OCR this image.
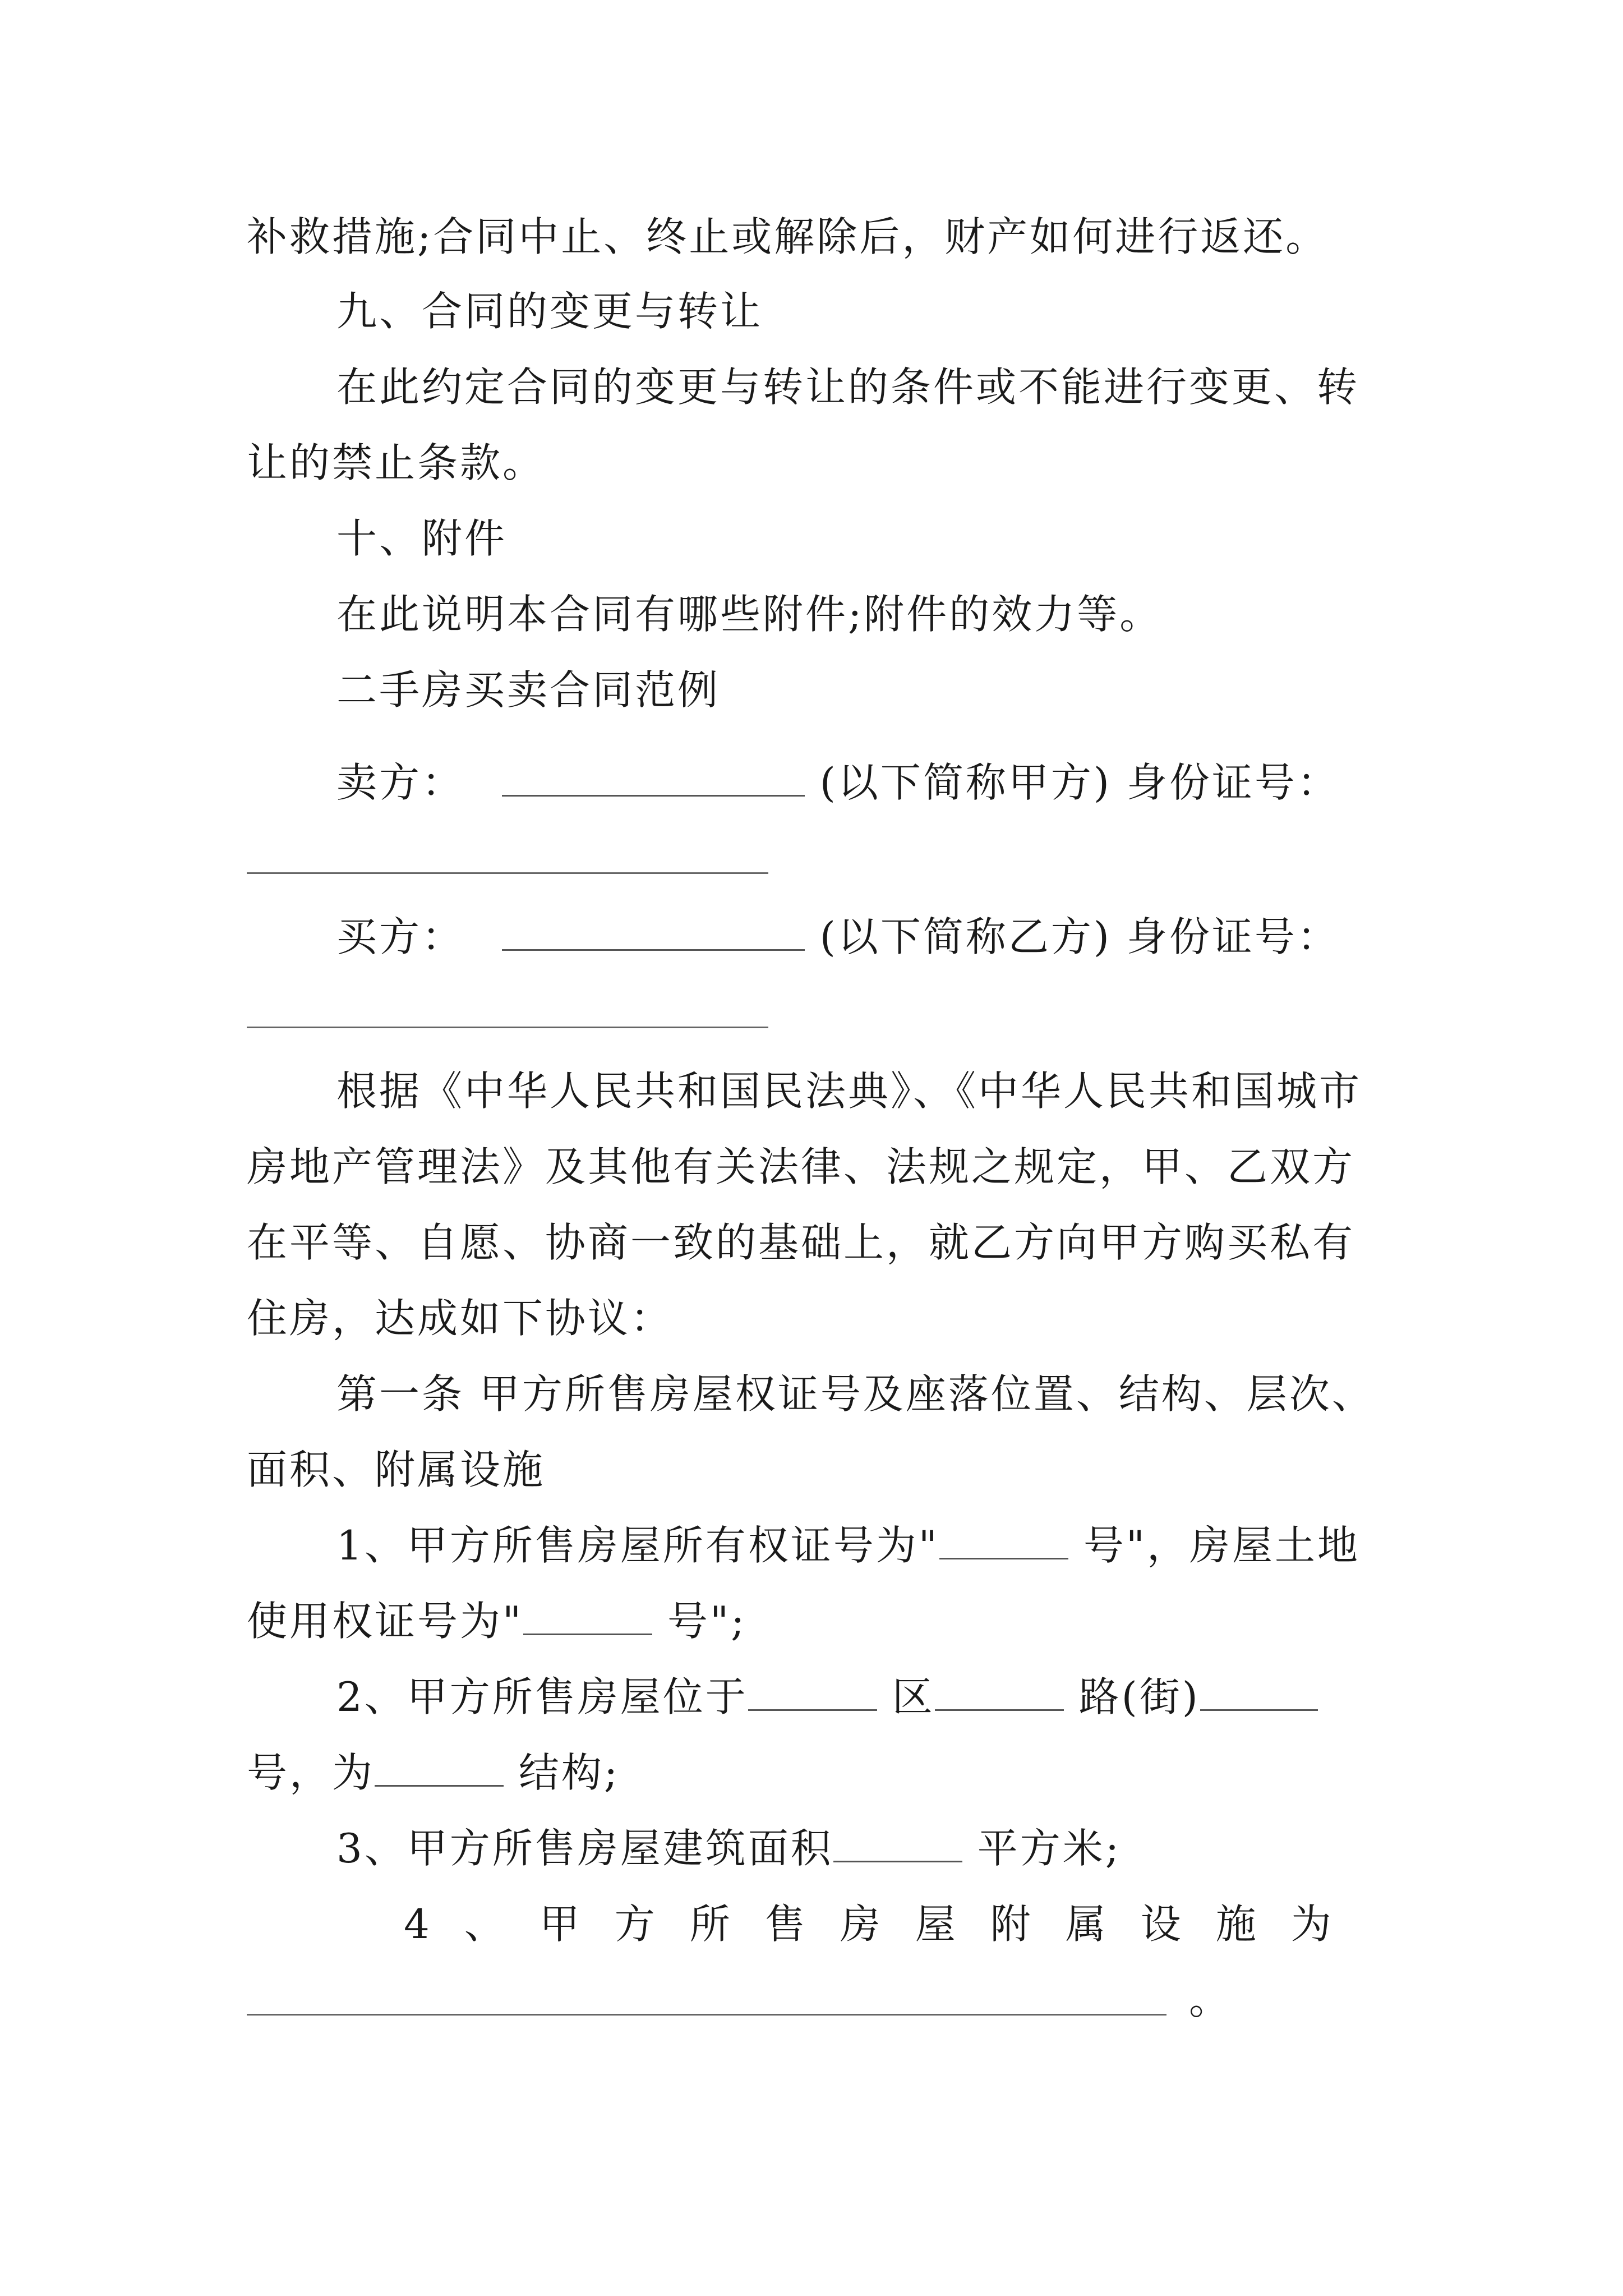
补救措施;合同中止、终止或解除后，财产如何进行返还。
九、合同的变更与转让
在此约定合同的变更与转让的条件或不能进行变更、转
让的禁止条款。
十、附件
在此说明本合同有哪些附件;附件的效力等。
二手房买卖合同范例
卖方：	(以下简称甲方) 身份证号：
买方：	(以下简称乙方) 身份证号：
根据《中华人民共和国民法典》、《中华人民共和国城市
房地产管理法》及其他有关法律、法规之规定，甲、乙双方
在平等、自愿、协商一致的基础上，就乙方向甲方购买私有
住房，达成如下协议：
第一条 甲方所售房屋权证号及座落位置、结构、层次、
面积、附属设施
1、甲方所售房屋所有权证号为"	号"，房屋土地
使用权证号为"	号";
2、甲方所售房屋位于	区	路(街)
号，为	结构;
3、甲方所售房屋建筑面积	平方米;
4、甲方所售房屋附属设施为
。
